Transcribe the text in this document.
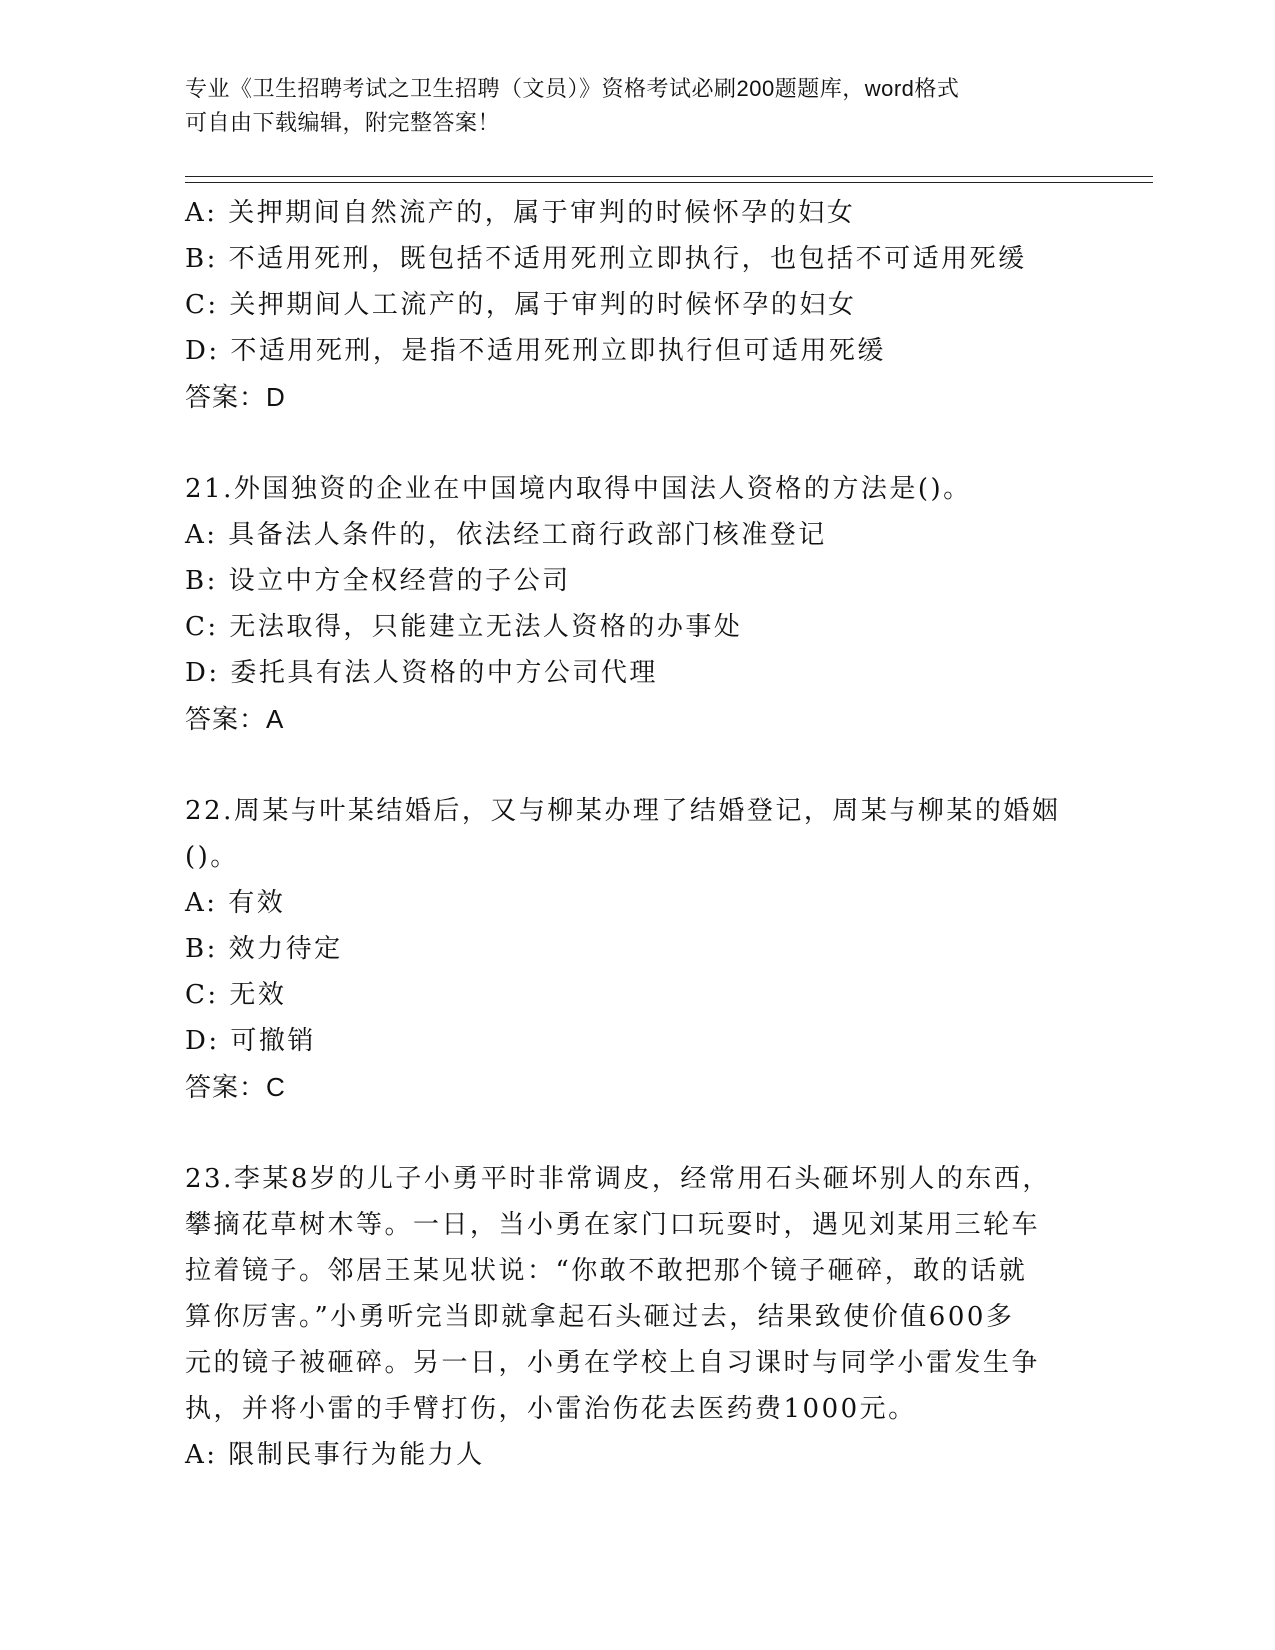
专业《卫生招聘考试之卫生招聘（文员）》资格考试必刷200题题库，word格式
可自由下载编辑，附完整答案！
A: 关押期间自然流产的，属于审判的时候怀孕的妇女
B: 不适用死刑，既包括不适用死刑立即执行，也包括不可适用死缓
C: 关押期间人工流产的，属于审判的时候怀孕的妇女
D: 不适用死刑，是指不适用死刑立即执行但可适用死缓
答案：D
21.外国独资的企业在中国境内取得中国法人资格的方法是()。
A: 具备法人条件的，依法经工商行政部门核准登记
B: 设立中方全权经营的子公司
C: 无法取得，只能建立无法人资格的办事处
D: 委托具有法人资格的中方公司代理
答案：A
22.周某与叶某结婚后，又与柳某办理了结婚登记，周某与柳某的婚姻
()。
A: 有效
B: 效力待定
C: 无效
D: 可撤销
答案：C
23.李某8岁的儿子小勇平时非常调皮，经常用石头砸坏别人的东西，
攀摘花草树木等。一日，当小勇在家门口玩耍时，遇见刘某用三轮车
拉着镜子。邻居王某见状说：“你敢不敢把那个镜子砸碎，敢的话就
算你厉害。”小勇听完当即就拿起石头砸过去，结果致使价值600多
元的镜子被砸碎。另一日，小勇在学校上自习课时与同学小雷发生争
执，并将小雷的手臂打伤，小雷治伤花去医药费1000元。
A: 限制民事行为能力人
